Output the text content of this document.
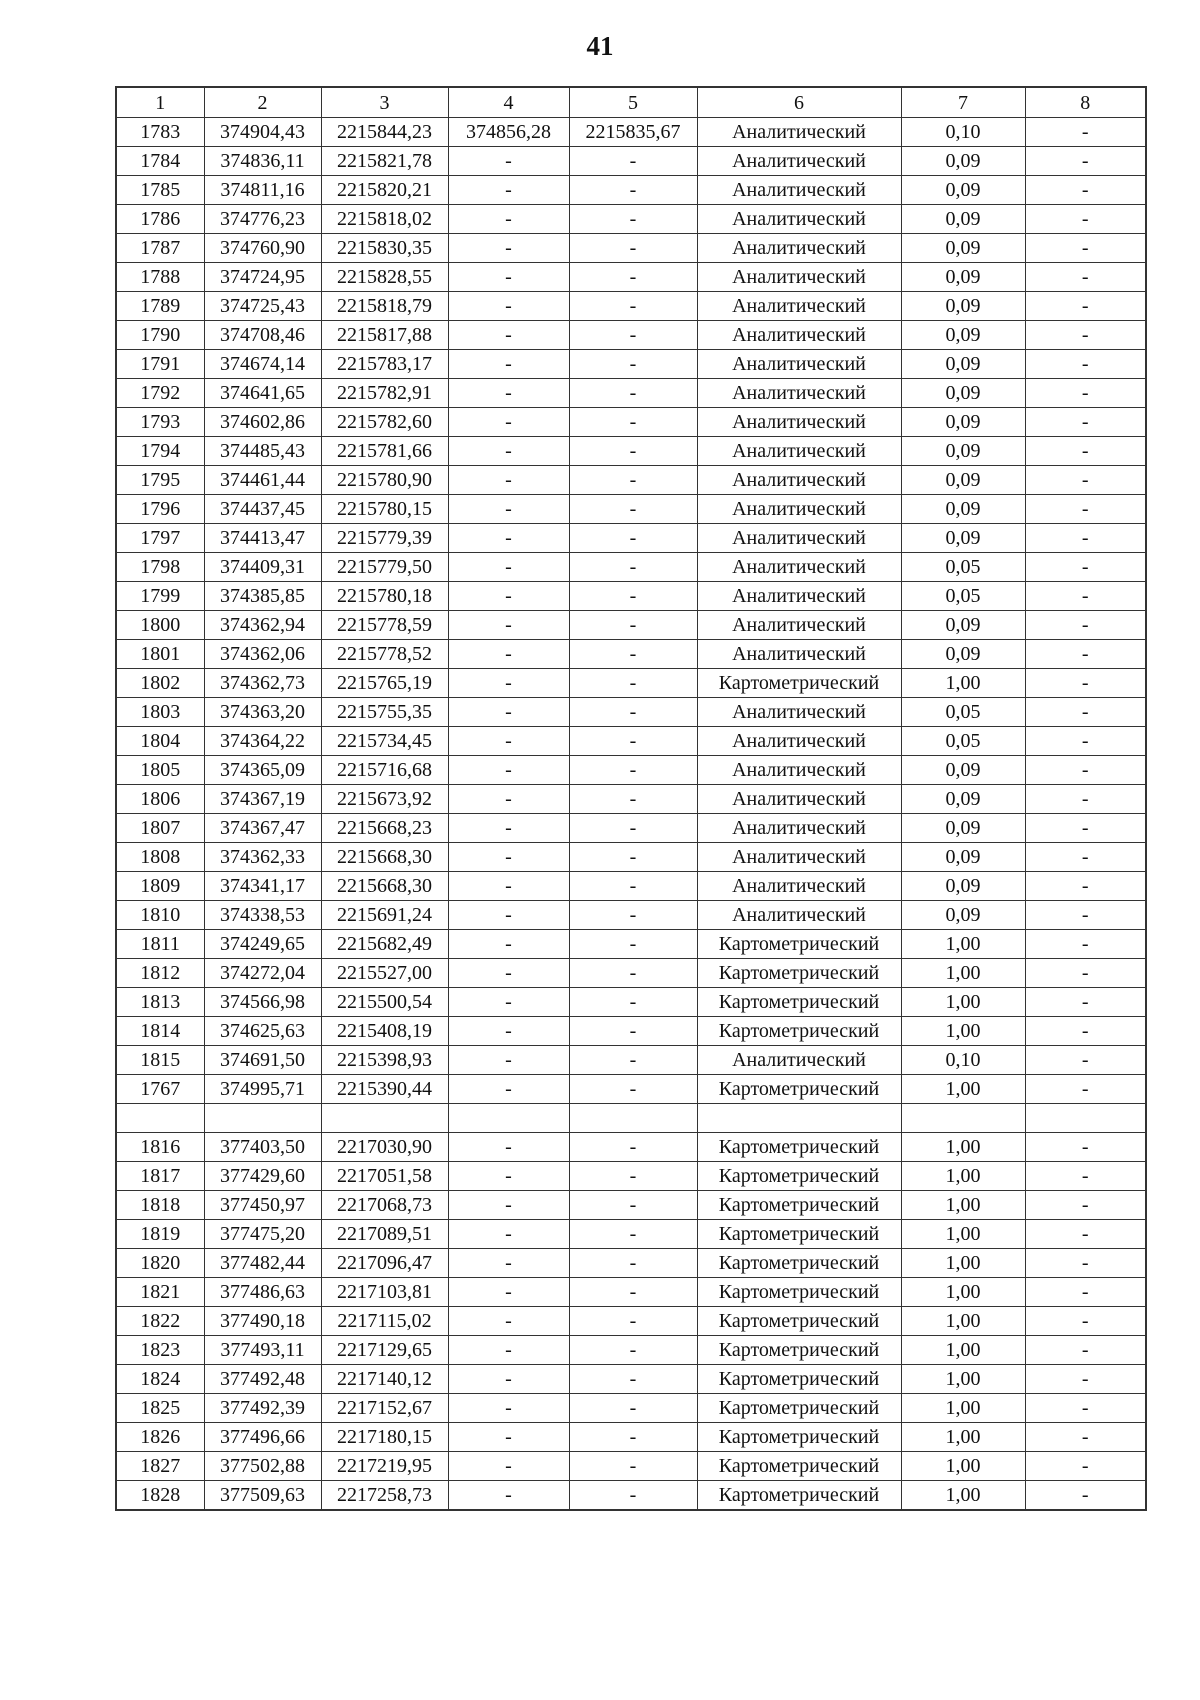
41
1	2	3	4	5	6	7	8
1783	374904,43	2215844,23	374856,28	2215835,67	Аналитический	0,10	-
1784	374836,11	2215821,78	-	-	Аналитический	0,09	-
1785	374811,16	2215820,21	-	-	Аналитический	0,09	-
1786	374776,23	2215818,02	-	-	Аналитический	0,09	-
1787	374760,90	2215830,35	-	-	Аналитический	0,09	-
1788	374724,95	2215828,55	-	-	Аналитический	0,09	-
1789	374725,43	2215818,79	-	-	Аналитический	0,09	-
1790	374708,46	2215817,88	-	-	Аналитический	0,09	-
1791	374674,14	2215783,17	-	-	Аналитический	0,09	-
1792	374641,65	2215782,91	-	-	Аналитический	0,09	-
1793	374602,86	2215782,60	-	-	Аналитический	0,09	-
1794	374485,43	2215781,66	-	-	Аналитический	0,09	-
1795	374461,44	2215780,90	-	-	Аналитический	0,09	-
1796	374437,45	2215780,15	-	-	Аналитический	0,09	-
1797	374413,47	2215779,39	-	-	Аналитический	0,09	-
1798	374409,31	2215779,50	-	-	Аналитический	0,05	-
1799	374385,85	2215780,18	-	-	Аналитический	0,05	-
1800	374362,94	2215778,59	-	-	Аналитический	0,09	-
1801	374362,06	2215778,52	-	-	Аналитический	0,09	-
1802	374362,73	2215765,19	-	-	Картометрический	1,00	-
1803	374363,20	2215755,35	-	-	Аналитический	0,05	-
1804	374364,22	2215734,45	-	-	Аналитический	0,05	-
1805	374365,09	2215716,68	-	-	Аналитический	0,09	-
1806	374367,19	2215673,92	-	-	Аналитический	0,09	-
1807	374367,47	2215668,23	-	-	Аналитический	0,09	-
1808	374362,33	2215668,30	-	-	Аналитический	0,09	-
1809	374341,17	2215668,30	-	-	Аналитический	0,09	-
1810	374338,53	2215691,24	-	-	Аналитический	0,09	-
1811	374249,65	2215682,49	-	-	Картометрический	1,00	-
1812	374272,04	2215527,00	-	-	Картометрический	1,00	-
1813	374566,98	2215500,54	-	-	Картометрический	1,00	-
1814	374625,63	2215408,19	-	-	Картометрический	1,00	-
1815	374691,50	2215398,93	-	-	Аналитический	0,10	-
1767	374995,71	2215390,44	-	-	Картометрический	1,00	-

1816	377403,50	2217030,90	-	-	Картометрический	1,00	-
1817	377429,60	2217051,58	-	-	Картометрический	1,00	-
1818	377450,97	2217068,73	-	-	Картометрический	1,00	-
1819	377475,20	2217089,51	-	-	Картометрический	1,00	-
1820	377482,44	2217096,47	-	-	Картометрический	1,00	-
1821	377486,63	2217103,81	-	-	Картометрический	1,00	-
1822	377490,18	2217115,02	-	-	Картометрический	1,00	-
1823	377493,11	2217129,65	-	-	Картометрический	1,00	-
1824	377492,48	2217140,12	-	-	Картометрический	1,00	-
1825	377492,39	2217152,67	-	-	Картометрический	1,00	-
1826	377496,66	2217180,15	-	-	Картометрический	1,00	-
1827	377502,88	2217219,95	-	-	Картометрический	1,00	-
1828	377509,63	2217258,73	-	-	Картометрический	1,00	-
